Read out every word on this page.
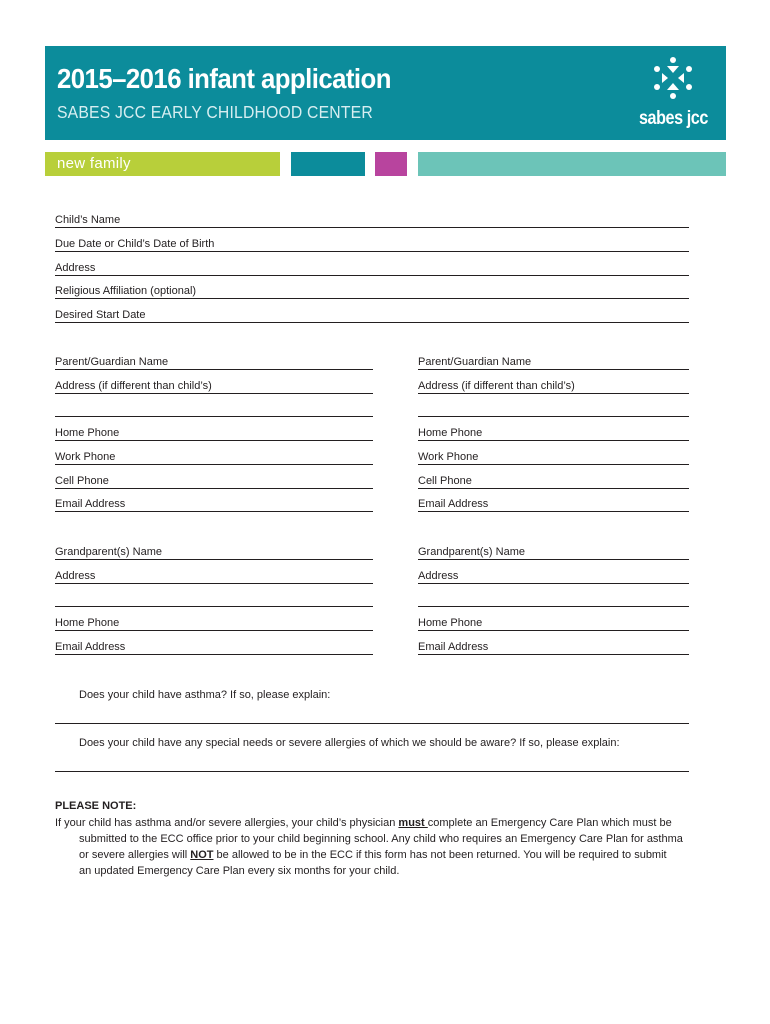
2015–2016 infant application
SABES JCC EARLY CHILDHOOD CENTER	sabes jcc
new family
Child’s Name
Due Date or Child’s Date of Birth
Address
Religious Affiliation (optional)
Desired Start Date
Parent/Guardian Name
Address (if different than child’s)
Home Phone
Work Phone
Cell Phone
Email Address
Parent/Guardian Name
Address (if different than child’s)
Home Phone
Work Phone
Cell Phone
Email Address
Grandparent(s) Name
Address
Home Phone
Email Address
Grandparent(s) Name
Address
Home Phone
Email Address
Does your child have asthma? If so, please explain:
Does your child have any special needs or severe allergies of which we should be aware? If so, please explain:
PLEASE NOTE:

If your child has asthma and/or severe allergies, your child’s physician must complete an Emergency Care Plan which must be

submitted to the ECC office prior to your child beginning school. Any child who requires an Emergency Care Plan for asthma

or severe allergies will NOT be allowed to be in the ECC if this form has not been returned. You will be required to submit

an updated Emergency Care Plan every six months for your child.
